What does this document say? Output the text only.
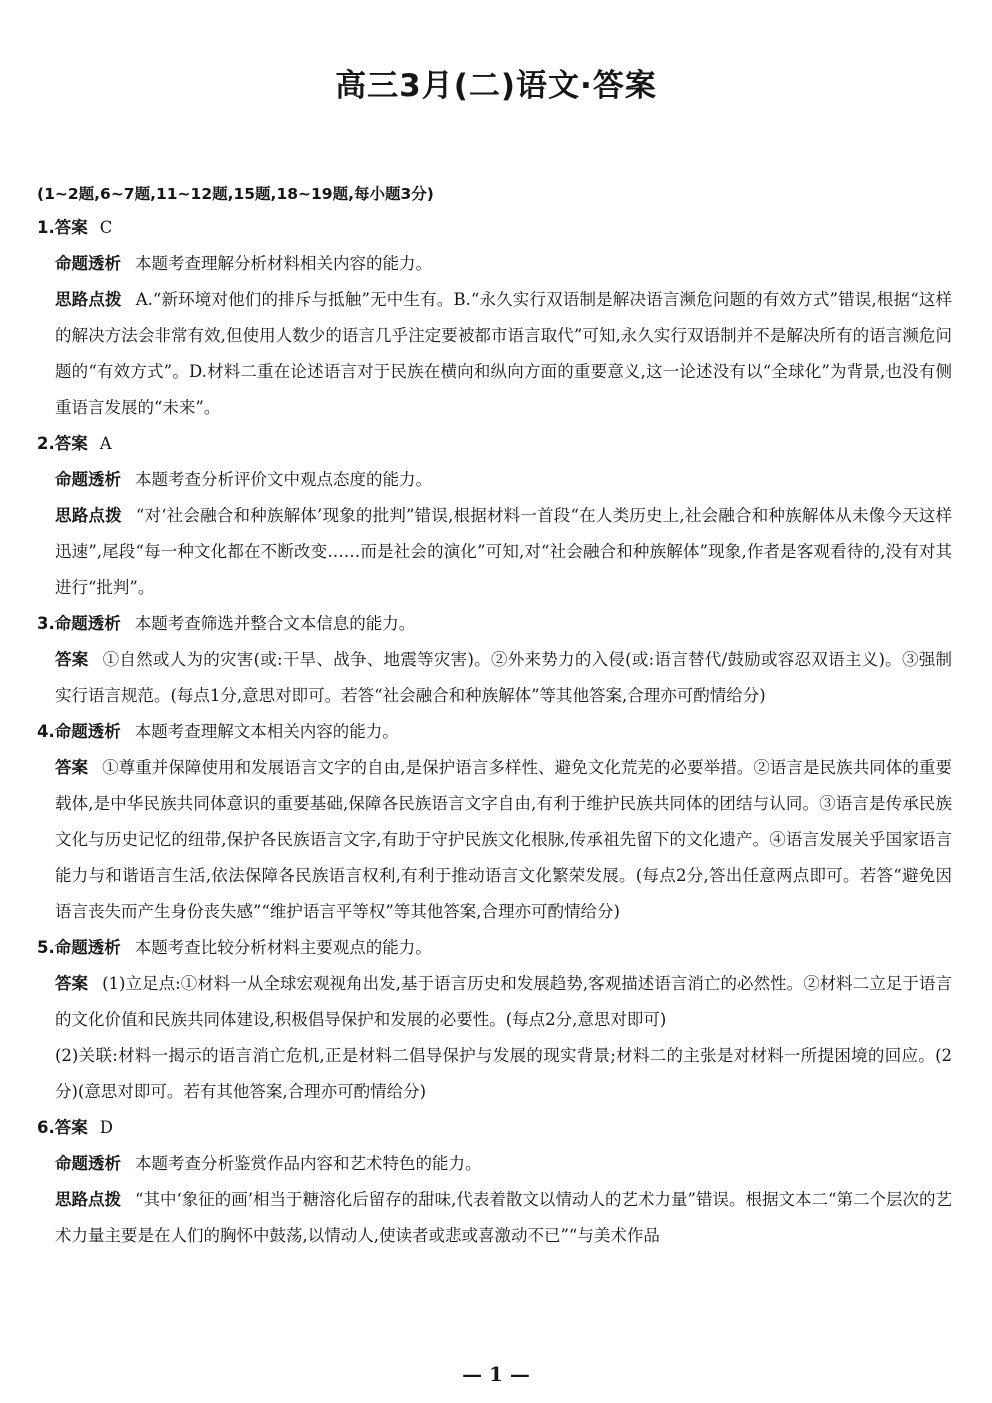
高三3月(二)语文·答案
(1~2题,6~7题,11~12题,15题,18~19题,每小题3分)
1.答案 C
命题透析 本题考查理解分析材料相关内容的能力。
思路点拨 A.“新环境对他们的排斥与抵触”无中生有。B.“永久实行双语制是解决语言濒危问题的有效方式”错误,根据“这样的解决方法会非常有效,但使用人数少的语言几乎注定要被都市语言取代”可知,永久实行双语制并不是解决所有的语言濒危问题的“有效方式”。D.材料二重在论述语言对于民族在横向和纵向方面的重要意义,这一论述没有以“全球化”为背景,也没有侧重语言发展的“未来”。
2.答案 A
命题透析 本题考查分析评价文中观点态度的能力。
思路点拨 “对‘社会融合和种族解体’现象的批判”错误,根据材料一首段“在人类历史上,社会融合和种族解体从未像今天这样迅速”,尾段“每一种文化都在不断改变……而是社会的演化”可知,对“社会融合和种族解体”现象,作者是客观看待的,没有对其进行“批判”。
3.命题透析 本题考查筛选并整合文本信息的能力。
答案 ①自然或人为的灾害(或:干旱、战争、地震等灾害)。②外来势力的入侵(或:语言替代/鼓励或容忍双语主义)。③强制实行语言规范。(每点1分,意思对即可。若答“社会融合和种族解体”等其他答案,合理亦可酌情给分)
4.命题透析 本题考查理解文本相关内容的能力。
答案 ①尊重并保障使用和发展语言文字的自由,是保护语言多样性、避免文化荒芜的必要举措。②语言是民族共同体的重要载体,是中华民族共同体意识的重要基础,保障各民族语言文字自由,有利于维护民族共同体的团结与认同。③语言是传承民族文化与历史记忆的纽带,保护各民族语言文字,有助于守护民族文化根脉,传承祖先留下的文化遗产。④语言发展关乎国家语言能力与和谐语言生活,依法保障各民族语言权利,有利于推动语言文化繁荣发展。(每点2分,答出任意两点即可。若答“避免因语言丧失而产生身份丧失感”“维护语言平等权”等其他答案,合理亦可酌情给分)
5.命题透析 本题考查比较分析材料主要观点的能力。
答案 (1)立足点:①材料一从全球宏观视角出发,基于语言历史和发展趋势,客观描述语言消亡的必然性。②材料二立足于语言的文化价值和民族共同体建设,积极倡导保护和发展的必要性。(每点2分,意思对即可)
(2)关联:材料一揭示的语言消亡危机,正是材料二倡导保护与发展的现实背景;材料二的主张是对材料一所提困境的回应。(2分)(意思对即可。若有其他答案,合理亦可酌情给分)
6.答案 D
命题透析 本题考查分析鉴赏作品内容和艺术特色的能力。
思路点拨 “其中‘象征的画’相当于糖溶化后留存的甜味,代表着散文以情动人的艺术力量”错误。根据文本二“第二个层次的艺术力量主要是在人们的胸怀中鼓荡,以情动人,使读者或悲或喜激动不已”“与美术作品
— 1 —
